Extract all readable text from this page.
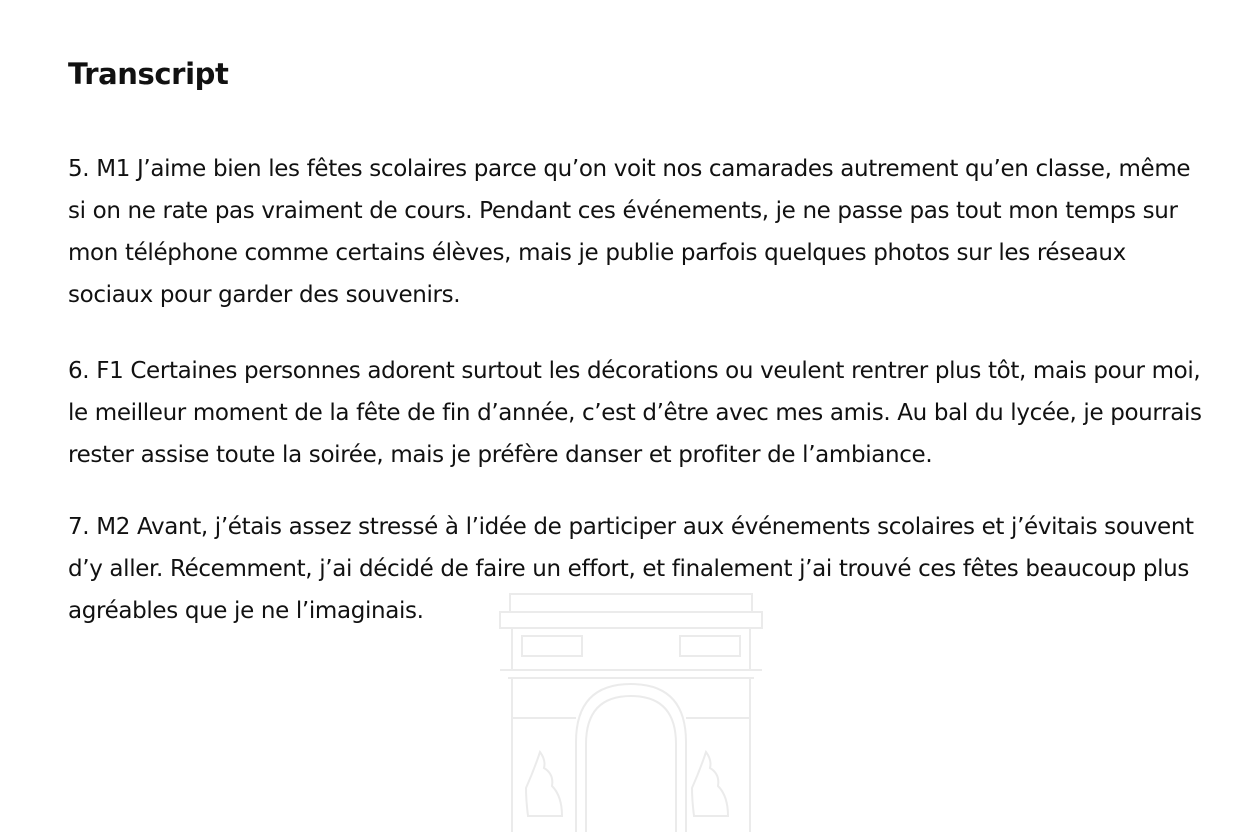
Transcript

5. M1 J’aime bien les fêtes scolaires parce qu’on voit nos camarades autrement qu’en classe, même si on ne rate pas vraiment de cours. Pendant ces événements, je ne passe pas tout mon temps sur mon téléphone comme certains élèves, mais je publie parfois quelques photos sur les réseaux sociaux pour garder des souvenirs.

6. F1 Certaines personnes adorent surtout les décorations ou veulent rentrer plus tôt, mais pour moi, le meilleur moment de la fête de fin d’année, c’est d’être avec mes amis. Au bal du lycée, je pourrais rester assise toute la soirée, mais je préfère danser et profiter de l’ambiance.

7. M2 Avant, j’étais assez stressé à l’idée de participer aux événements scolaires et j’évitais souvent d’y aller. Récemment, j’ai décidé de faire un effort, et finalement j’ai trouvé ces fêtes beaucoup plus agréables que je ne l’imaginais.
